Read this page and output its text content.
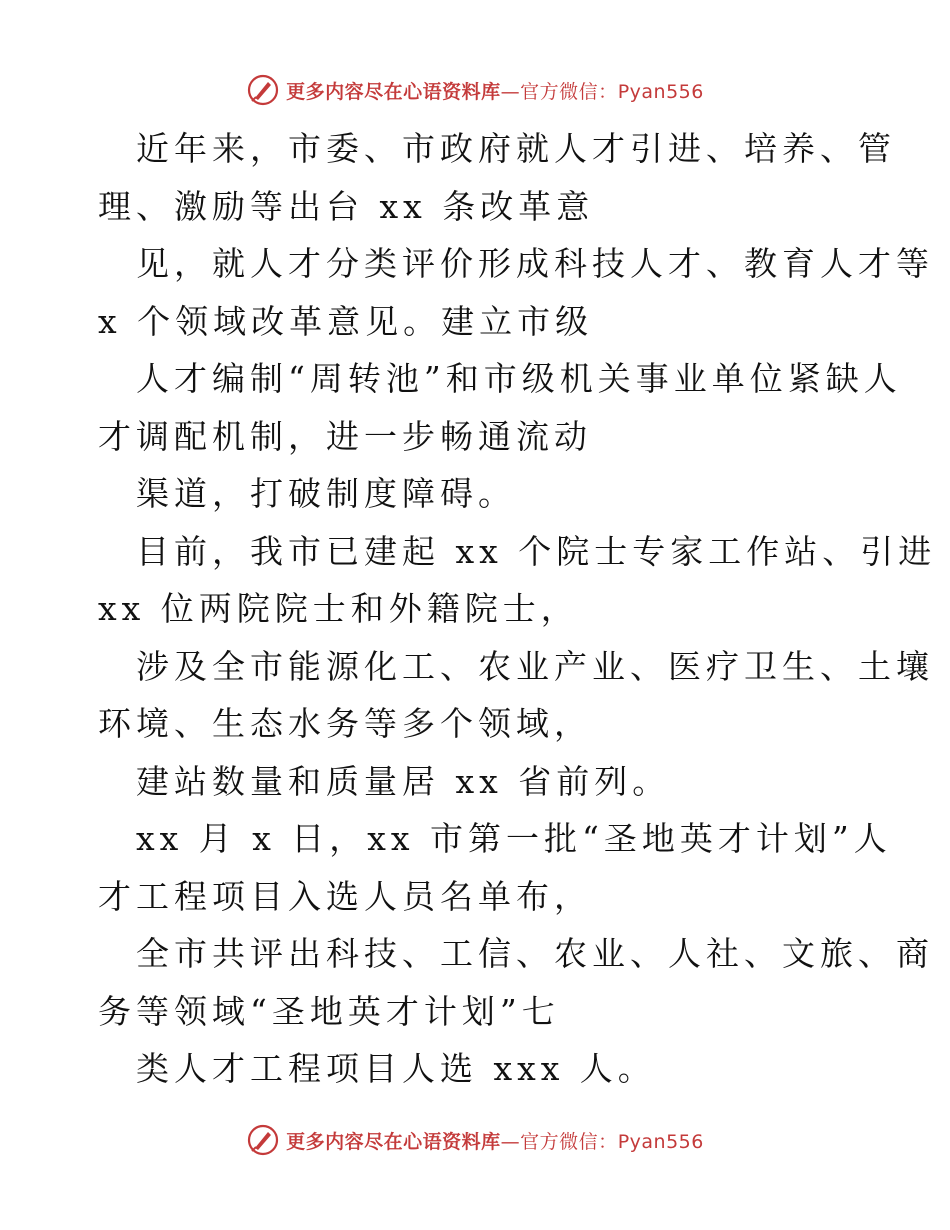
更多内容尽在心语资料库—官方微信：Pyan556
近年来，市委、市政府就人才引进、培养、管
理、激励等出台 xx 条改革意
见，就人才分类评价形成科技人才、教育人才等
x 个领域改革意见。建立市级
人才编制“周转池”和市级机关事业单位紧缺人
才调配机制，进一步畅通流动
渠道，打破制度障碍。
目前，我市已建起 xx 个院士专家工作站、引进
xx 位两院院士和外籍院士，
涉及全市能源化工、农业产业、医疗卫生、土壤
环境、生态水务等多个领域，
建站数量和质量居 xx 省前列。
xx 月 x 日，xx 市第一批“圣地英才计划”人
才工程项目入选人员名单布，
全市共评出科技、工信、农业、人社、文旅、商
务等领域“圣地英才计划”七
类人才工程项目人选 xxx 人。
更多内容尽在心语资料库—官方微信：Pyan556
